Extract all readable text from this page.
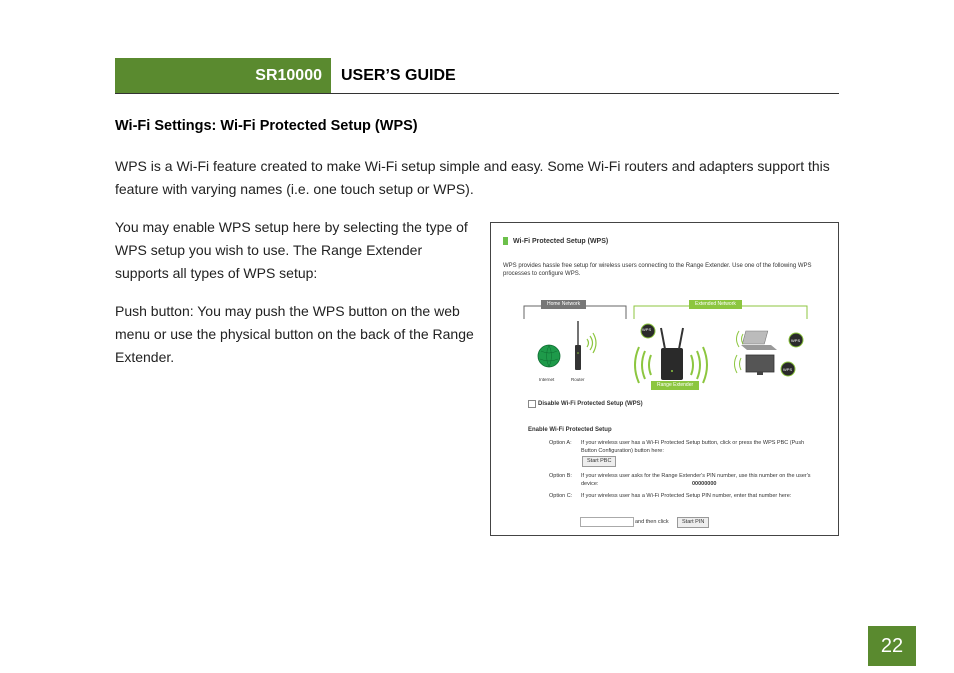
SR10000 USER’S GUIDE
Wi-Fi Settings: Wi-Fi Protected Setup (WPS)
WPS is a Wi-Fi feature created to make Wi-Fi setup simple and easy. Some Wi-Fi routers and adapters support this feature with varying names (i.e. one touch setup or WPS).
You may enable WPS setup here by selecting the type of WPS setup you wish to use. The Range Extender supports all types of WPS setup:
Push button: You may push the WPS button on the web menu or use the physical button on the back of the Range Extender.
Wi-Fi Protected Setup (WPS)
WPS provides hassle free setup for wireless users connecting to the Range Extender. Use one of the following WPS processes to configure WPS.
Home Network	Extended Network
Internet	Router
Range Extender
WPS
WPS
WPS
Disable Wi-Fi Protected Setup (WPS)
Enable Wi-Fi Protected Setup
Option A: If your wireless user has a Wi-Fi Protected Setup button, click or press the WPS PBC (Push Button Configuration) button here:
Start PBC
Option B: If your wireless user asks for the Range Extender's PIN number, use this number on the user's device:	00000000
Option C: If your wireless user has a Wi-Fi Protected Setup PIN number, enter that number here:
and then click	Start PIN
22
